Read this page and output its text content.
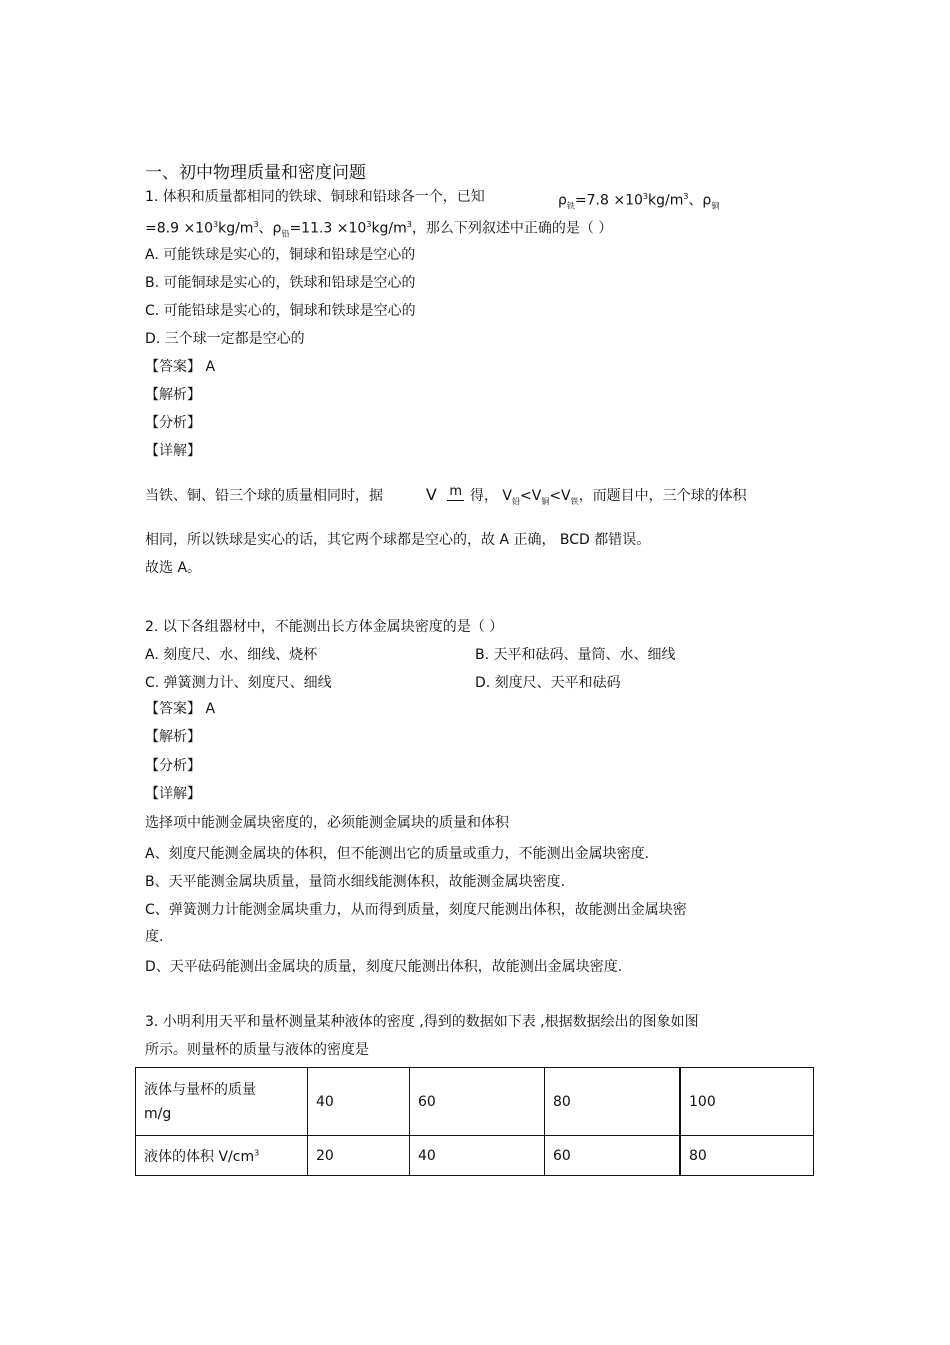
一、初中物理质量和密度问题
1. 体积和质量都相同的铁球、铜球和铅球各一个，已知	$\rho_铁=7.8 \times 10^3kg/m^3$、$\rho_铜$
$=8.9 \times 10^3kg/m^3$、$\rho_铅=11.3 \times 10^3kg/m^3$，那么下列叙述中正确的是（ ）
A. 可能铁球是实心的，铜球和铅球是空心的
B. 可能铜球是实心的，铁球和铅球是空心的
C. 可能铅球是实心的，铜球和铁球是空心的
D. 三个球一定都是空心的
【答案】 A
【解析】
【分析】
【详解】
当铁、铜、铅三个球的质量相同时，据	V m 得， $V_铅<V_铜<V_铁$，而题目中，三个球的体积
相同，所以铁球是实心的话，其它两个球都是空心的，故 A 正确， BCD 都错误。
故选 A。
2. 以下各组器材中，不能测出长方体金属块密度的是（ ）
A. 刻度尺、水、细线、烧杯	B. 天平和砝码、量筒、水、细线
C. 弹簧测力计、刻度尺、细线	D. 刻度尺、天平和砝码
【答案】 A
【解析】
【分析】
【详解】
选择项中能测金属块密度的，必须能测金属块的质量和体积
A、刻度尺能测金属块的体积，但不能测出它的质量或重力，不能测出金属块密度.
B、天平能测金属块质量，量筒水细线能测体积，故能测金属块密度.
C、弹簧测力计能测金属块重力，从而得到质量，刻度尺能测出体积，故能测出金属块密
度.
D、天平砝码能测出金属块的质量，刻度尺能测出体积，故能测出金属块密度.
3. 小明利用天平和量杯测量某种液体的密度 ,得到的数据如下表 ,根据数据绘出的图象如图
所示。则量杯的质量与液体的密度是
液体与量杯的质量
m/g	40	60	80	100
液体的体积 $V/cm^3$	20	40	60	80
